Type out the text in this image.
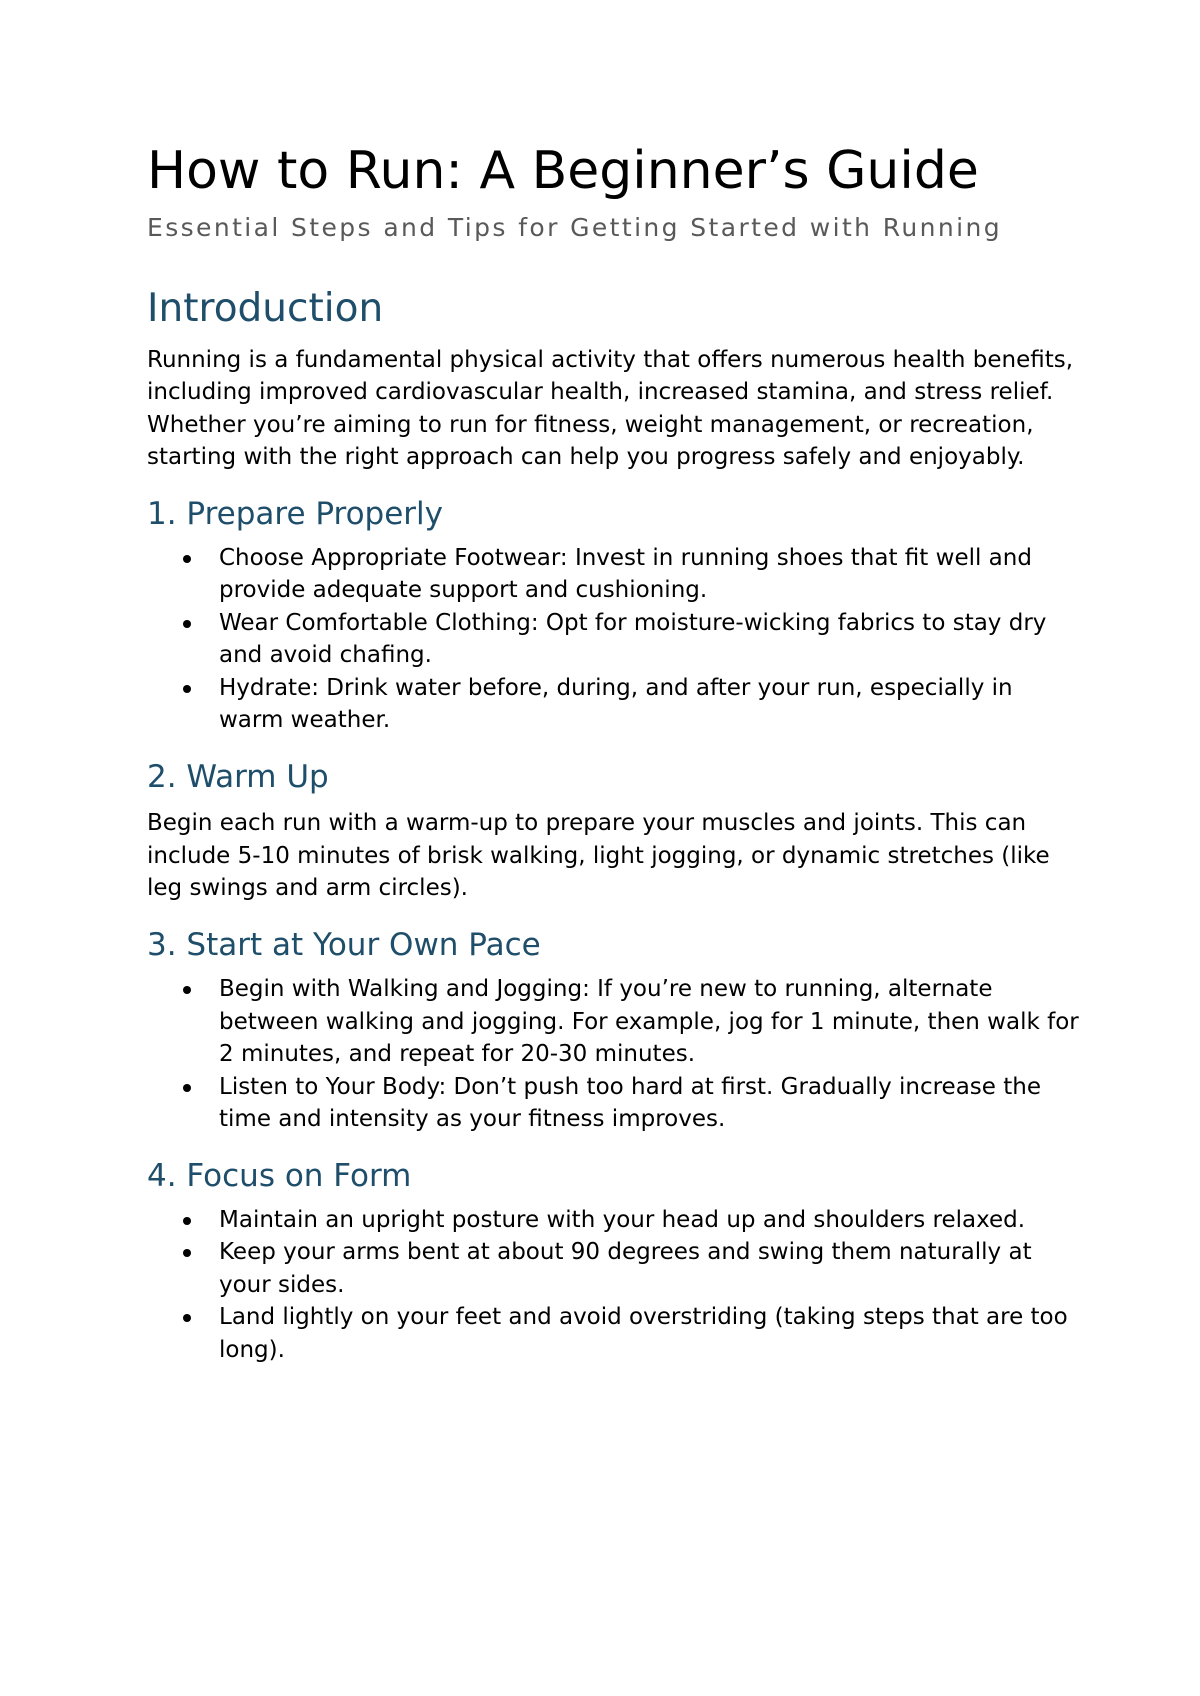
How to Run: A Beginner’s Guide
Essential Steps and Tips for Getting Started with Running
Introduction

Running is a fundamental physical activity that offers numerous health benefits, including improved cardiovascular health, increased stamina, and stress relief. Whether you’re aiming to run for fitness, weight management, or recreation, starting with the right approach can help you progress safely and enjoyably.

1. Prepare Properly
Choose Appropriate Footwear: Invest in running shoes that fit well and provide adequate support and cushioning.
Wear Comfortable Clothing: Opt for moisture-wicking fabrics to stay dry and avoid chafing.
Hydrate: Drink water before, during, and after your run, especially in warm weather.
2. Warm Up

Begin each run with a warm-up to prepare your muscles and joints. This can include 5-10 minutes of brisk walking, light jogging, or dynamic stretches (like leg swings and arm circles).

3. Start at Your Own Pace
Begin with Walking and Jogging: If you’re new to running, alternate between walking and jogging. For example, jog for 1 minute, then walk for 2 minutes, and repeat for 20-30 minutes.
Listen to Your Body: Don’t push too hard at first. Gradually increase the time and intensity as your fitness improves.
4. Focus on Form
Maintain an upright posture with your head up and shoulders relaxed.
Keep your arms bent at about 90 degrees and swing them naturally at your sides.
Land lightly on your feet and avoid overstriding (taking steps that are too long).
